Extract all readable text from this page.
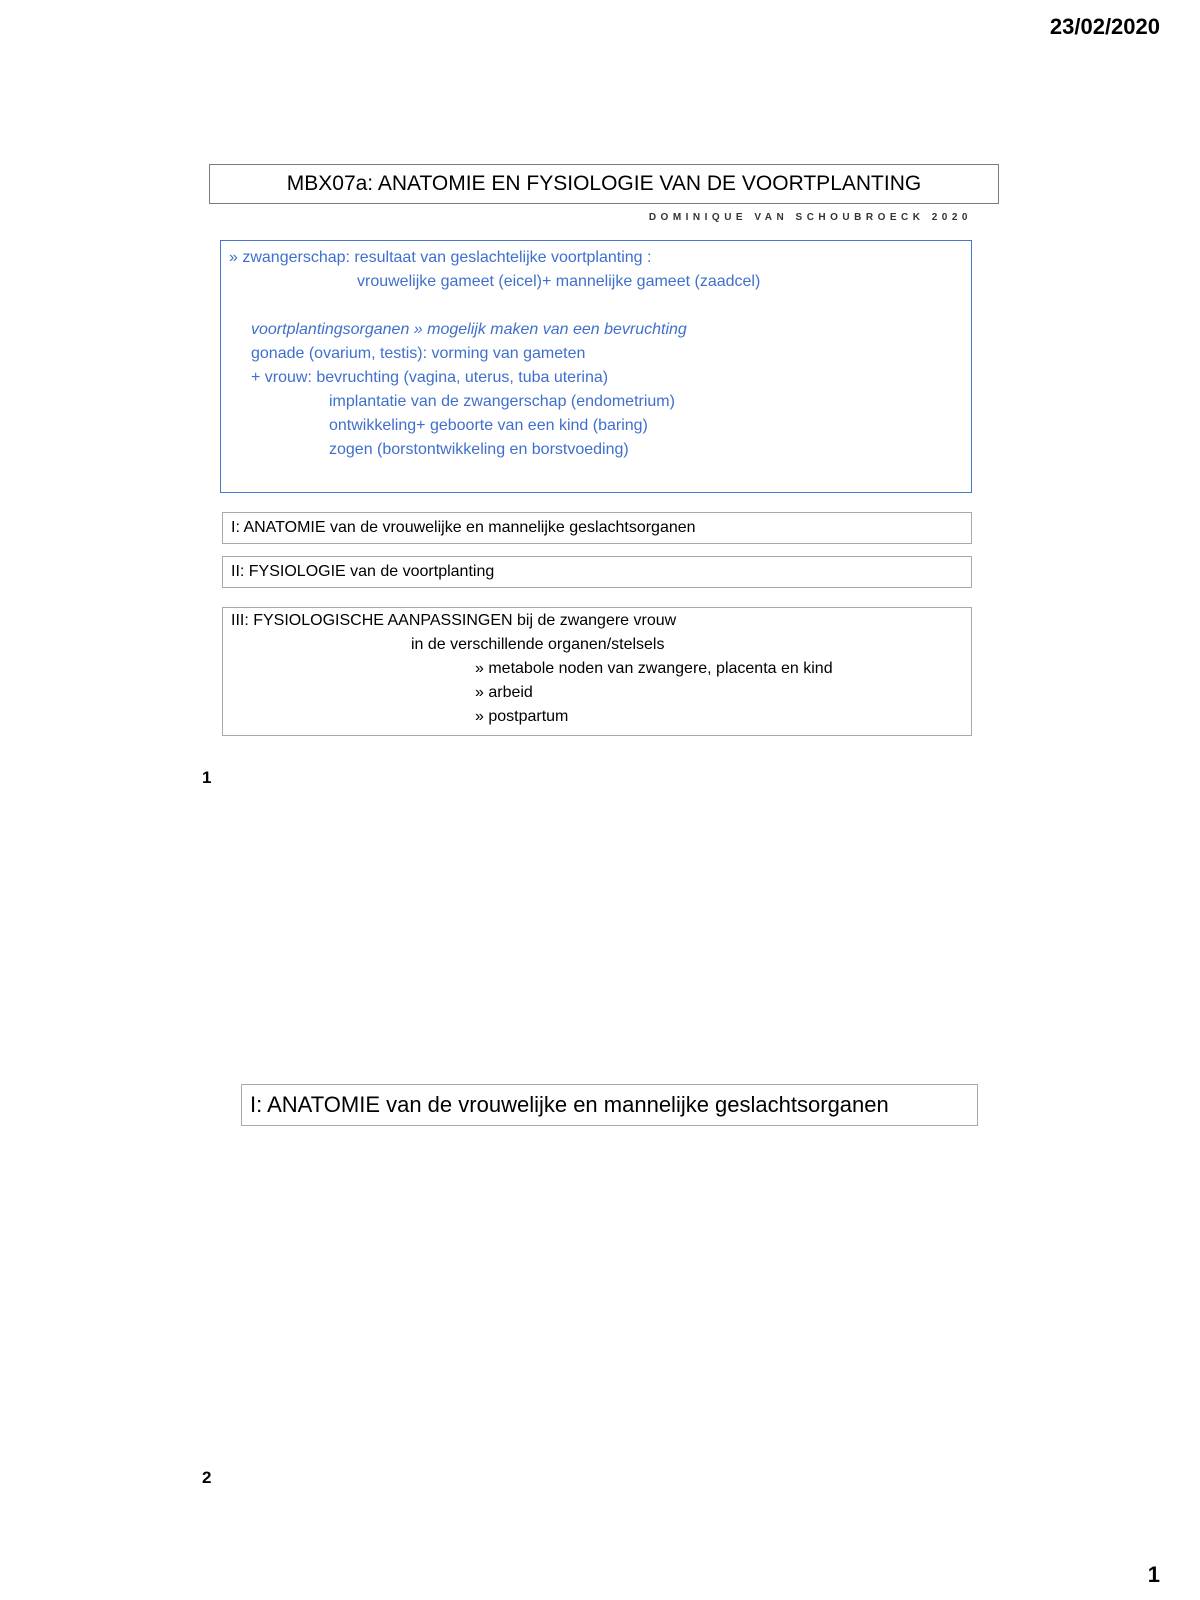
23/02/2020
MBX07a: ANATOMIE EN FYSIOLOGIE VAN DE VOORTPLANTING
DOMINIQUE VAN SCHOUBROECK 2020
» zwangerschap: resultaat van geslachtelijke voortplanting :
vrouwelijke gameet (eicel)+ mannelijke gameet (zaadcel)
voortplantingsorganen » mogelijk maken van een bevruchting
gonade (ovarium, testis): vorming van gameten
+ vrouw: bevruchting (vagina, uterus, tuba uterina)
implantatie van de zwangerschap (endometrium)
ontwikkeling+ geboorte van een kind (baring)
zogen (borstontwikkeling en borstvoeding)
I: ANATOMIE van de vrouwelijke en mannelijke geslachtsorganen
II: FYSIOLOGIE van de voortplanting
III: FYSIOLOGISCHE AANPASSINGEN bij de zwangere vrouw
in de verschillende organen/stelsels
» metabole noden van zwangere, placenta en kind
» arbeid
» postpartum
1
I: ANATOMIE van de vrouwelijke en mannelijke geslachtsorganen
2
1
